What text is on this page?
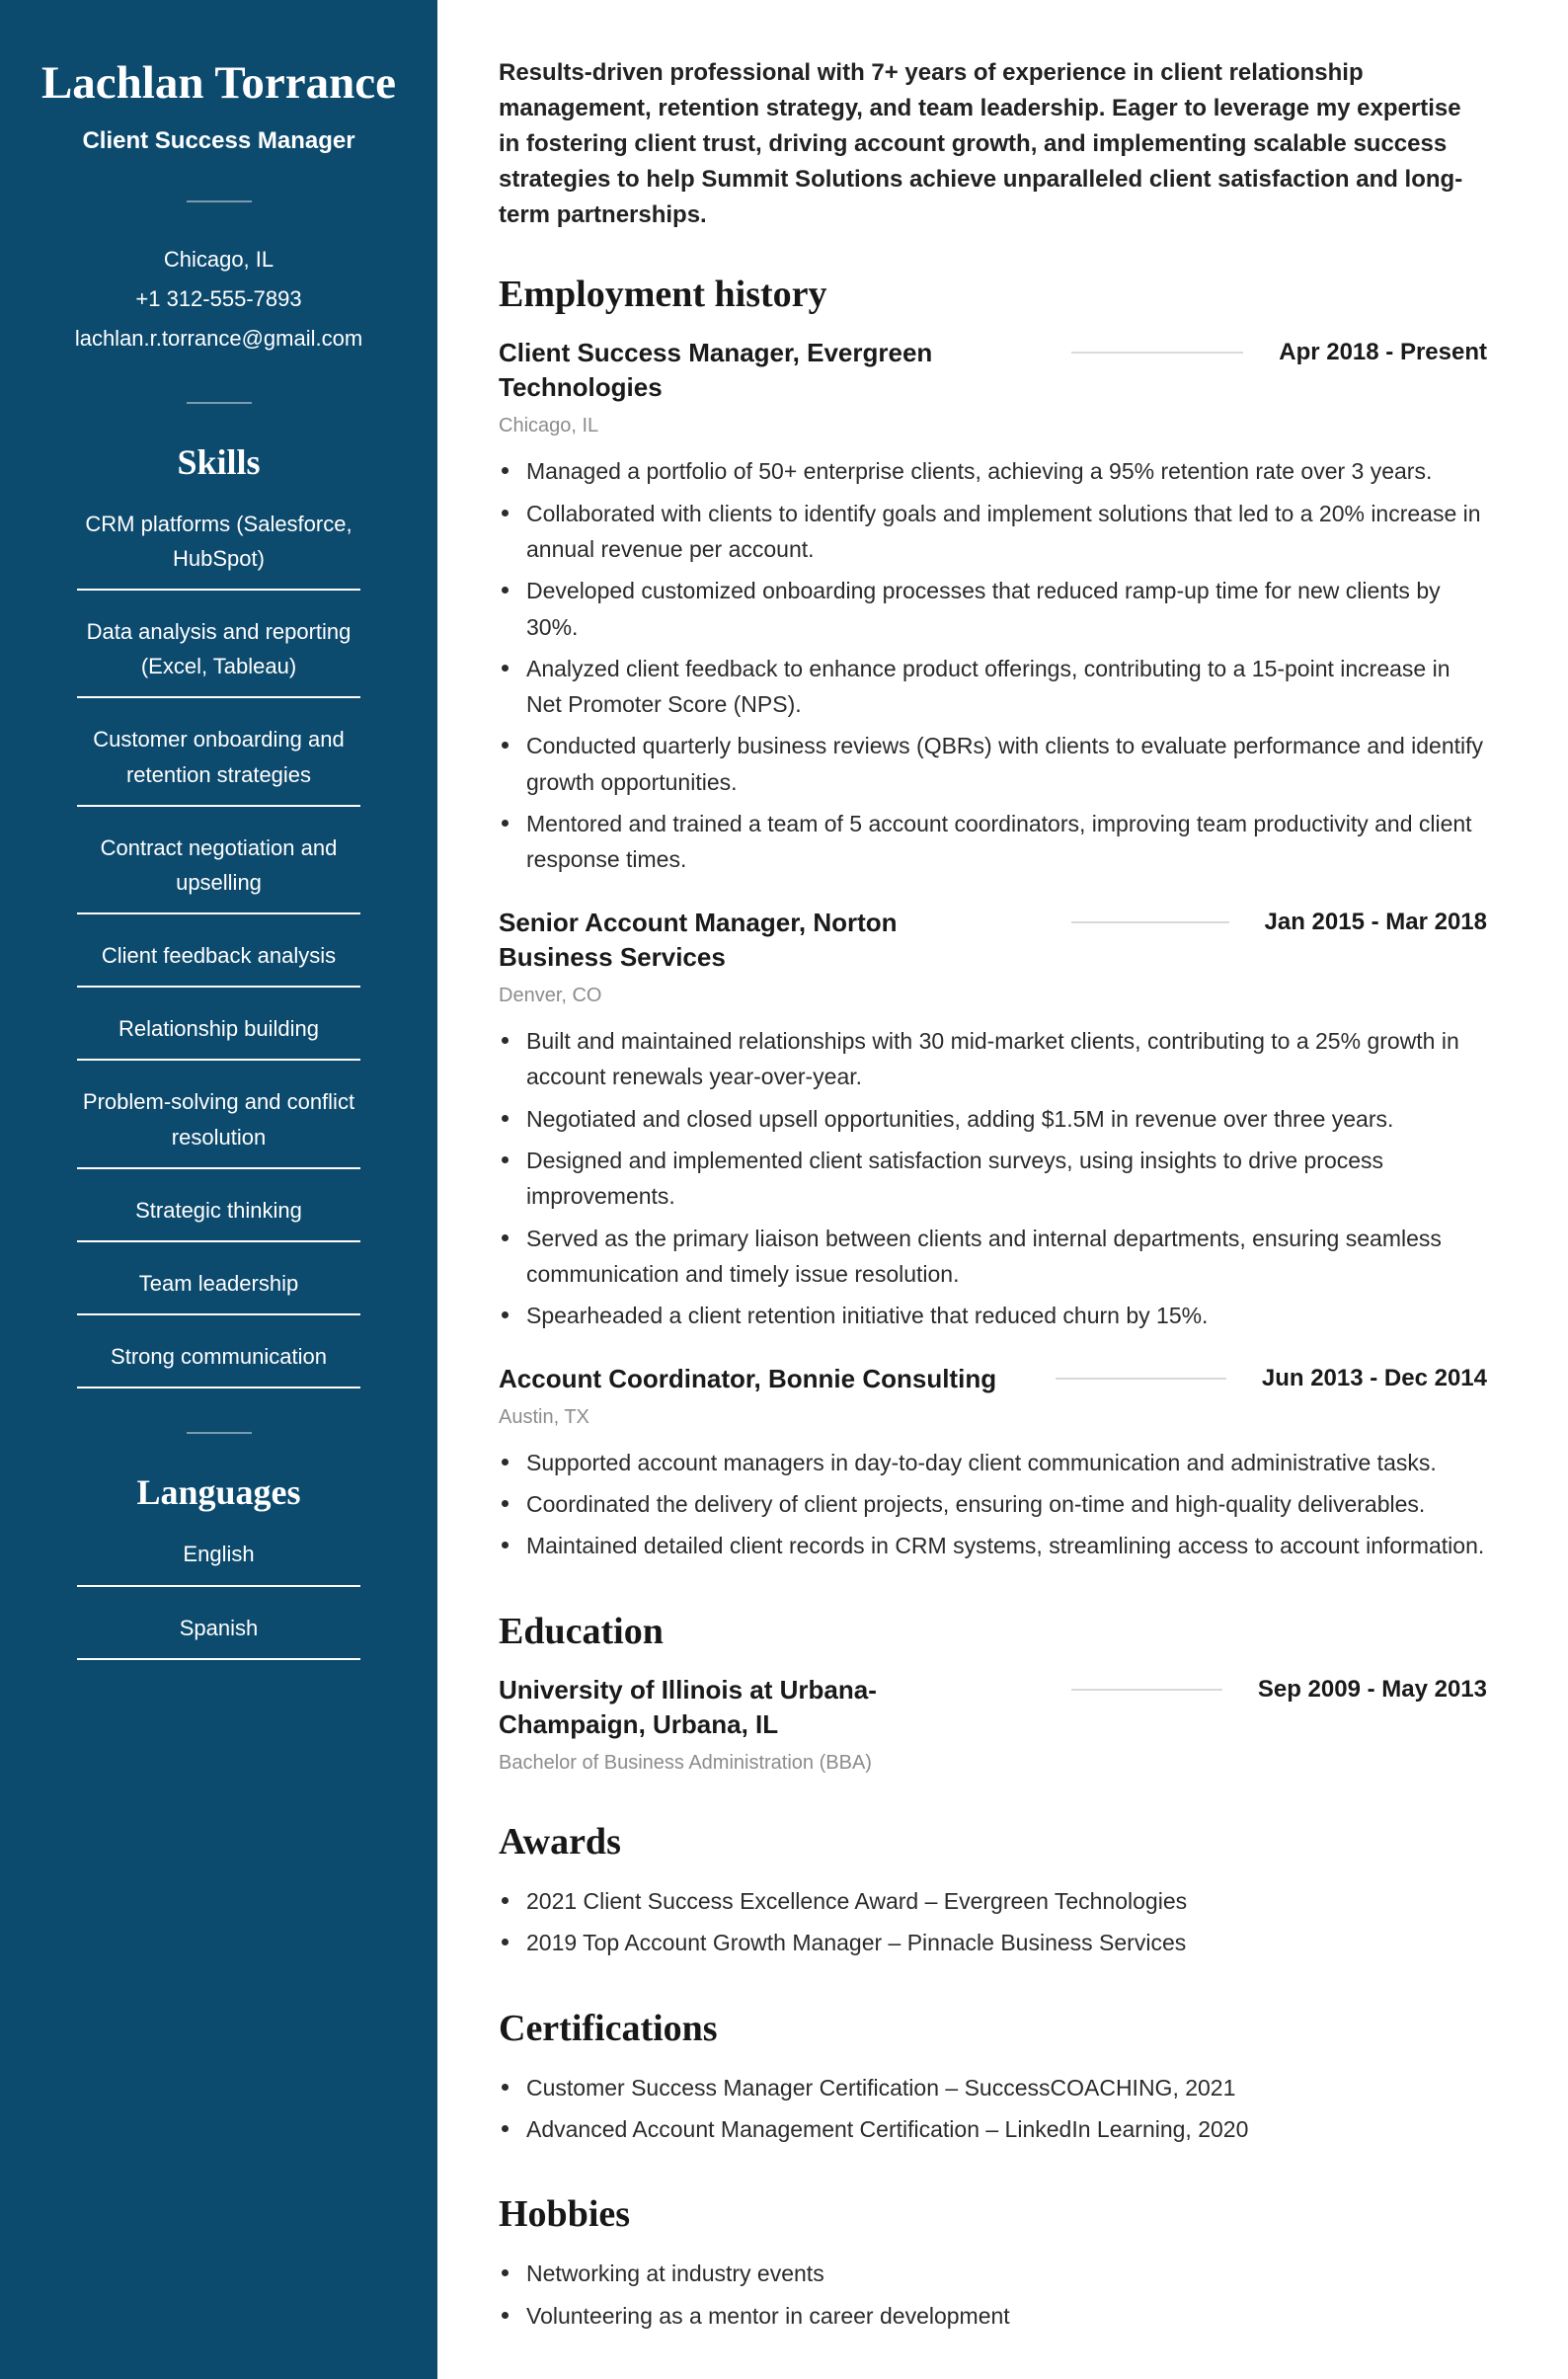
Lachlan Torrance
Client Success Manager
Chicago, IL
+1 312-555-7893
lachlan.r.torrance@gmail.com
Skills
CRM platforms (Salesforce, HubSpot)
Data analysis and reporting (Excel, Tableau)
Customer onboarding and retention strategies
Contract negotiation and upselling
Client feedback analysis
Relationship building
Problem-solving and conflict resolution
Strategic thinking
Team leadership
Strong communication
Languages
English
Spanish

Results-driven professional with 7+ years of experience in client relationship management, retention strategy, and team leadership. Eager to leverage my expertise in fostering client trust, driving account growth, and implementing scalable success strategies to help Summit Solutions achieve unparalleled client satisfaction and long-term partnerships.

Employment history
Client Success Manager, Evergreen Technologies
Apr 2018 - Present
Chicago, IL
Managed a portfolio of 50+ enterprise clients, achieving a 95% retention rate over 3 years.
Collaborated with clients to identify goals and implement solutions that led to a 20% increase in annual revenue per account.
Developed customized onboarding processes that reduced ramp-up time for new clients by 30%.
Analyzed client feedback to enhance product offerings, contributing to a 15-point increase in Net Promoter Score (NPS).
Conducted quarterly business reviews (QBRs) with clients to evaluate performance and identify growth opportunities.
Mentored and trained a team of 5 account coordinators, improving team productivity and client response times.
Senior Account Manager, Norton Business Services
Jan 2015 - Mar 2018
Denver, CO
Built and maintained relationships with 30 mid-market clients, contributing to a 25% growth in account renewals year-over-year.
Negotiated and closed upsell opportunities, adding $1.5M in revenue over three years.
Designed and implemented client satisfaction surveys, using insights to drive process improvements.
Served as the primary liaison between clients and internal departments, ensuring seamless communication and timely issue resolution.
Spearheaded a client retention initiative that reduced churn by 15%.
Account Coordinator, Bonnie Consulting	Jun 2013 - Dec 2014
Austin, TX
Supported account managers in day-to-day client communication and administrative tasks.
Coordinated the delivery of client projects, ensuring on-time and high-quality deliverables.
Maintained detailed client records in CRM systems, streamlining access to account information.
Education
University of Illinois at Urbana-Champaign, Urbana, IL
Sep 2009 - May 2013
Bachelor of Business Administration (BBA)
Awards
2021 Client Success Excellence Award – Evergreen Technologies
2019 Top Account Growth Manager – Pinnacle Business Services
Certifications
Customer Success Manager Certification – SuccessCOACHING, 2021
Advanced Account Management Certification – LinkedIn Learning, 2020
Hobbies
Networking at industry events
Volunteering as a mentor in career development
